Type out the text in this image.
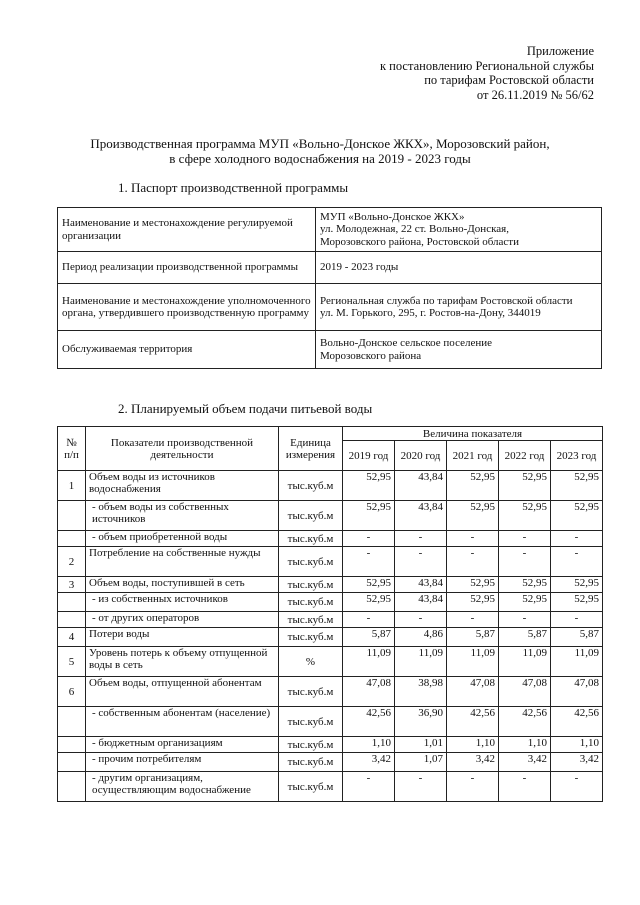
Приложение
к постановлению Региональной службы
по тарифам Ростовской области
от 26.11.2019 № 56/62
Производственная программа МУП «Вольно-Донское ЖКХ», Морозовский район,
в сфере холодного водоснабжения на 2019 - 2023 годы
1. Паспорт производственной программы
Наименование и местонахождение регулируемой организации	МУП «Вольно-Донское ЖКХ»
ул. Молодежная, 22 ст. Вольно-Донская,
Морозовского района, Ростовской области

Период реализации производственной программы	2019 - 2023 годы

Наименование и местонахождение уполномоченного органа, утвердившего производственную программу	Региональная служба по тарифам Ростовской области
ул. М. Горького, 295, г. Ростов-на-Дону, 344019

Обслуживаемая территория	Вольно-Донское сельское поселение
Морозовского района
2. Планируемый объем подачи питьевой воды
№ п/п	Показатели производственной деятельности	Единица измерения	Величина показателя				
			2019 год	2020 год	2021 год	2022 год	2023 год
1	Объем воды из источников водоснабжения	тыс.куб.м	52,95	43,84	52,95	52,95	52,95
	- объем воды из собственных источников	тыс.куб.м	52,95	43,84	52,95	52,95	52,95
	- объем приобретенной воды	тыс.куб.м	-	-	-	-	-
2	Потребление на собственные нужды	тыс.куб.м	-	-	-	-	-
3	Объем воды, поступившей в сеть	тыс.куб.м	52,95	43,84	52,95	52,95	52,95
	- из собственных источников	тыс.куб.м	52,95	43,84	52,95	52,95	52,95
	- от других операторов	тыс.куб.м	-	-	-	-	-
4	Потери воды	тыс.куб.м	5,87	4,86	5,87	5,87	5,87
5	Уровень потерь к объему отпущенной воды в сеть	%	11,09	11,09	11,09	11,09	11,09
6	Объем воды, отпущенной абонентам	тыс.куб.м	47,08	38,98	47,08	47,08	47,08
	- собственным абонентам (население)	тыс.куб.м	42,56	36,90	42,56	42,56	42,56
	- бюджетным организациям	тыс.куб.м	1,10	1,01	1,10	1,10	1,10
	- прочим потребителям	тыс.куб.м	3,42	1,07	3,42	3,42	3,42
	- другим организациям, осуществляющим водоснабжение	тыс.куб.м	-	-	-	-	-
